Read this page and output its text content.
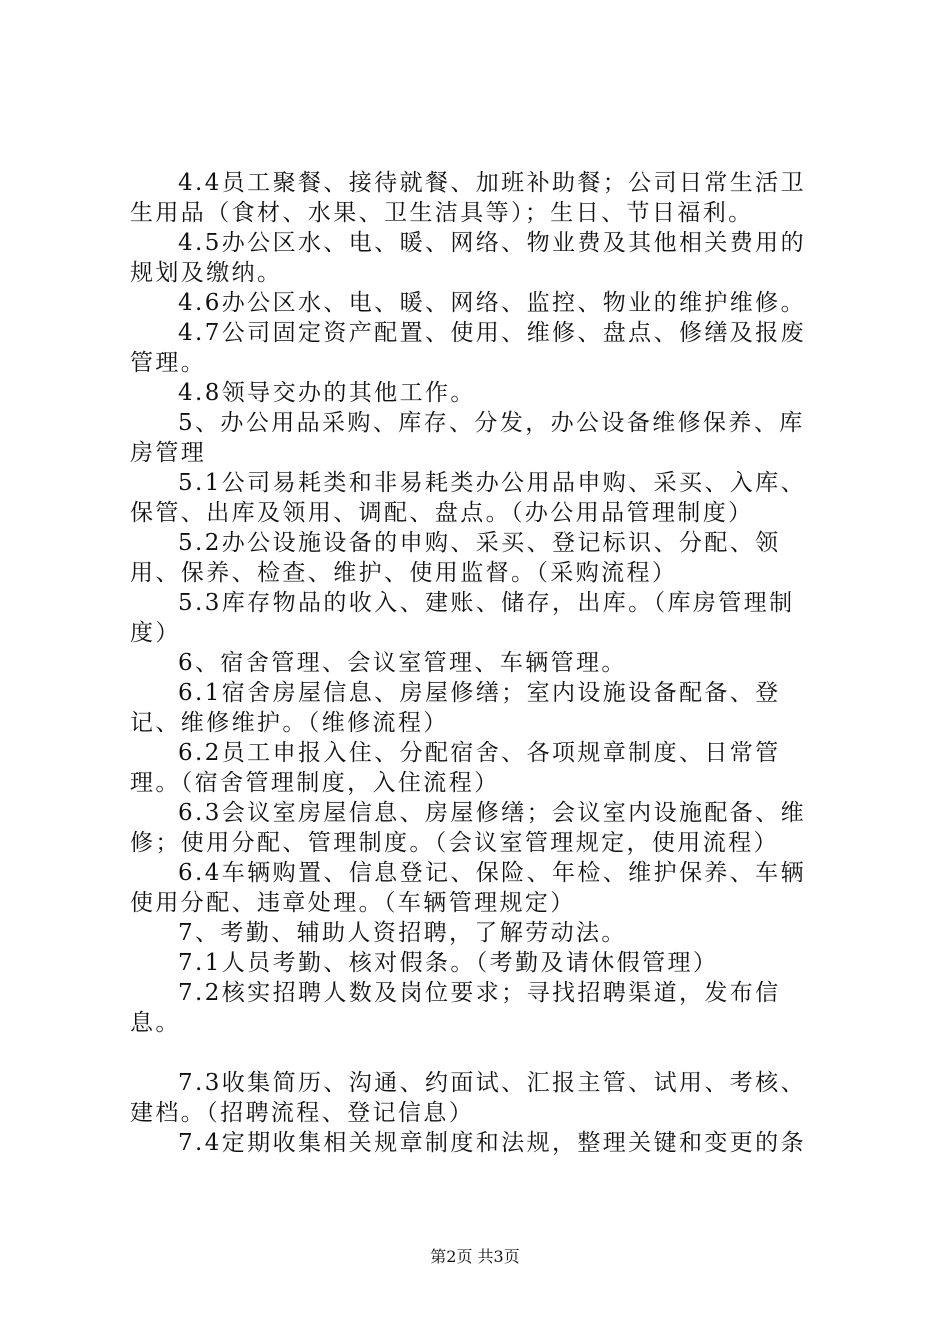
4.4员工聚餐、接待就餐、加班补助餐；公司日常生活卫生用品（食材、水果、卫生洁具等）；生日、节日福利。

4.5办公区水、电、暖、网络、物业费及其他相关费用的规划及缴纳。

4.6办公区水、电、暖、网络、监控、物业的维护维修。

4.7公司固定资产配置、使用、维修、盘点、修缮及报废管理。

4.8领导交办的其他工作。

5、办公用品采购、库存、分发，办公设备维修保养、库房管理

5.1公司易耗类和非易耗类办公用品申购、采买、入库、保管、出库及领用、调配、盘点。（办公用品管理制度）

5.2办公设施设备的申购、采买、登记标识、分配、领用、保养、检查、维护、使用监督。（采购流程）

5.3库存物品的收入、建账、储存，出库。（库房管理制度）

6、宿舍管理、会议室管理、车辆管理。

6.1宿舍房屋信息、房屋修缮；室内设施设备配备、登记、维修维护。（维修流程）

6.2员工申报入住、分配宿舍、各项规章制度、日常管理。（宿舍管理制度，入住流程）

6.3会议室房屋信息、房屋修缮；会议室内设施配备、维修；使用分配、管理制度。（会议室管理规定，使用流程）

6.4车辆购置、信息登记、保险、年检、维护保养、车辆使用分配、违章处理。（车辆管理规定）

7、考勤、辅助人资招聘，了解劳动法。

7.1人员考勤、核对假条。（考勤及请休假管理）

7.2核实招聘人数及岗位要求；寻找招聘渠道，发布信息。

7.3收集简历、沟通、约面试、汇报主管、试用、考核、建档。（招聘流程、登记信息）

7.4定期收集相关规章制度和法规，整理关键和变更的条

第2页 共3页
